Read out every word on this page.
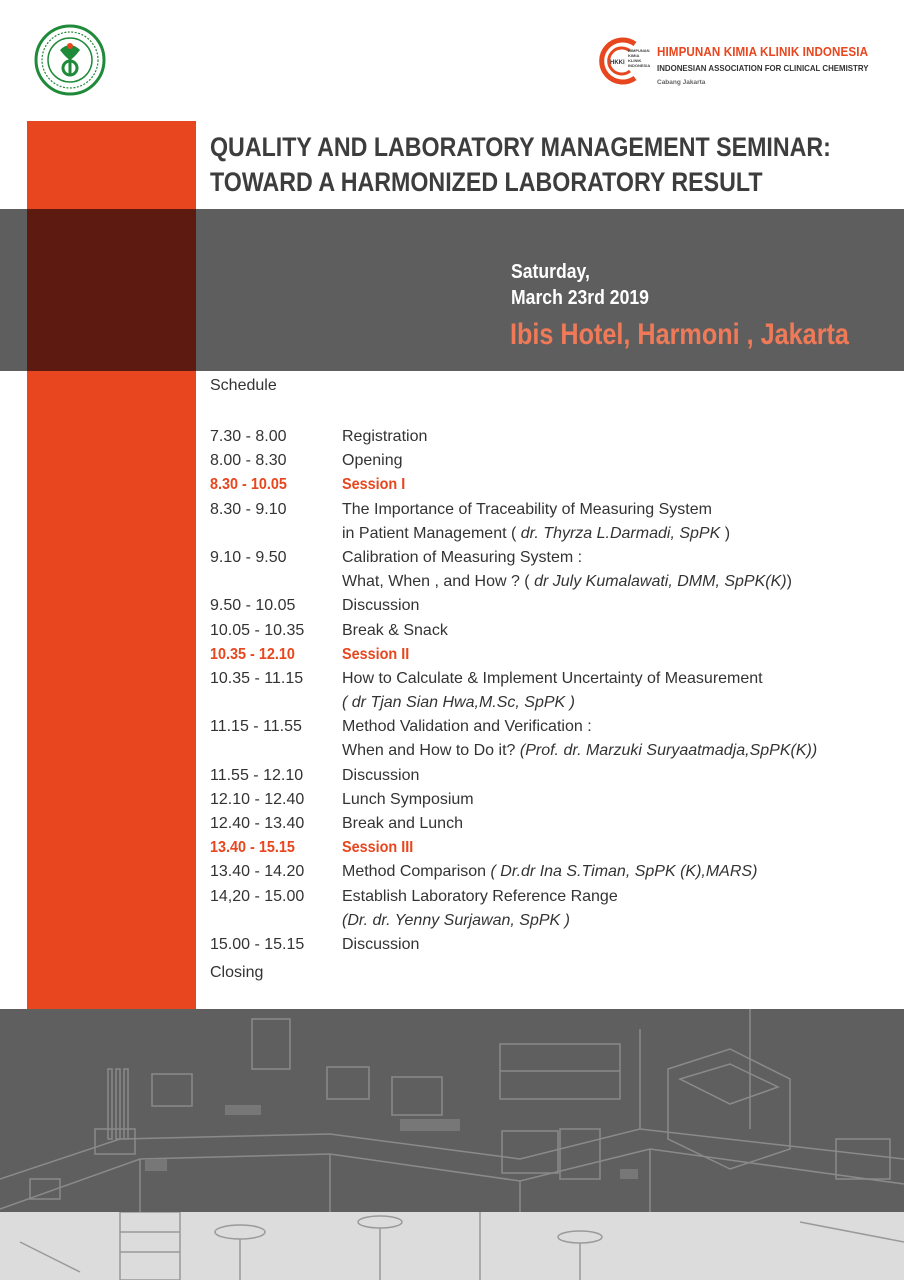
HKKI
HIMPUNAN
KIMIA
KLINIK
INDONESIA
HIMPUNAN KIMIA KLINIK INDONESIA
INDONESIAN ASSOCIATION FOR CLINICAL CHEMISTRY
Cabang Jakarta
QUALITY AND LABORATORY MANAGEMENT SEMINAR:
TOWARD A HARMONIZED LABORATORY RESULT
Saturday,
March 23rd 2019
Ibis Hotel, Harmoni , Jakarta
Schedule
7.30 - 8.00	Registration
8.00 - 8.30	Opening
8.30 - 10.05	Session I
8.30 - 9.10	The Importance of Traceability of Measuring System
in Patient Management ( dr. Thyrza L.Darmadi, SpPK )
9.10 - 9.50	Calibration of Measuring System :
What, When , and How ? ( dr July Kumalawati, DMM, SpPK(K))
9.50 - 10.05	Discussion
10.05 - 10.35 Break & Snack
10.35 - 12.10	Session II
10.35 - 11.15 How to Calculate & Implement Uncertainty of Measurement
( dr Tjan Sian Hwa,M.Sc, SpPK )
11.15 - 11.55	Method Validation and Verification :
When and How to Do it? (Prof. dr. Marzuki Suryaatmadja,SpPK(K))
11.55 - 12.10 Discussion
12.10 - 12.40 Lunch Symposium
12.40 - 13.40 Break and Lunch
13.40 - 15.15	Session III
13.40 - 14.20 Method Comparison ( Dr.dr Ina S.Timan, SpPK (K),MARS)
14,20 - 15.00 Establish Laboratory Reference Range
(Dr. dr. Yenny Surjawan, SpPK )
15.00 - 15.15 Discussion
Closing
